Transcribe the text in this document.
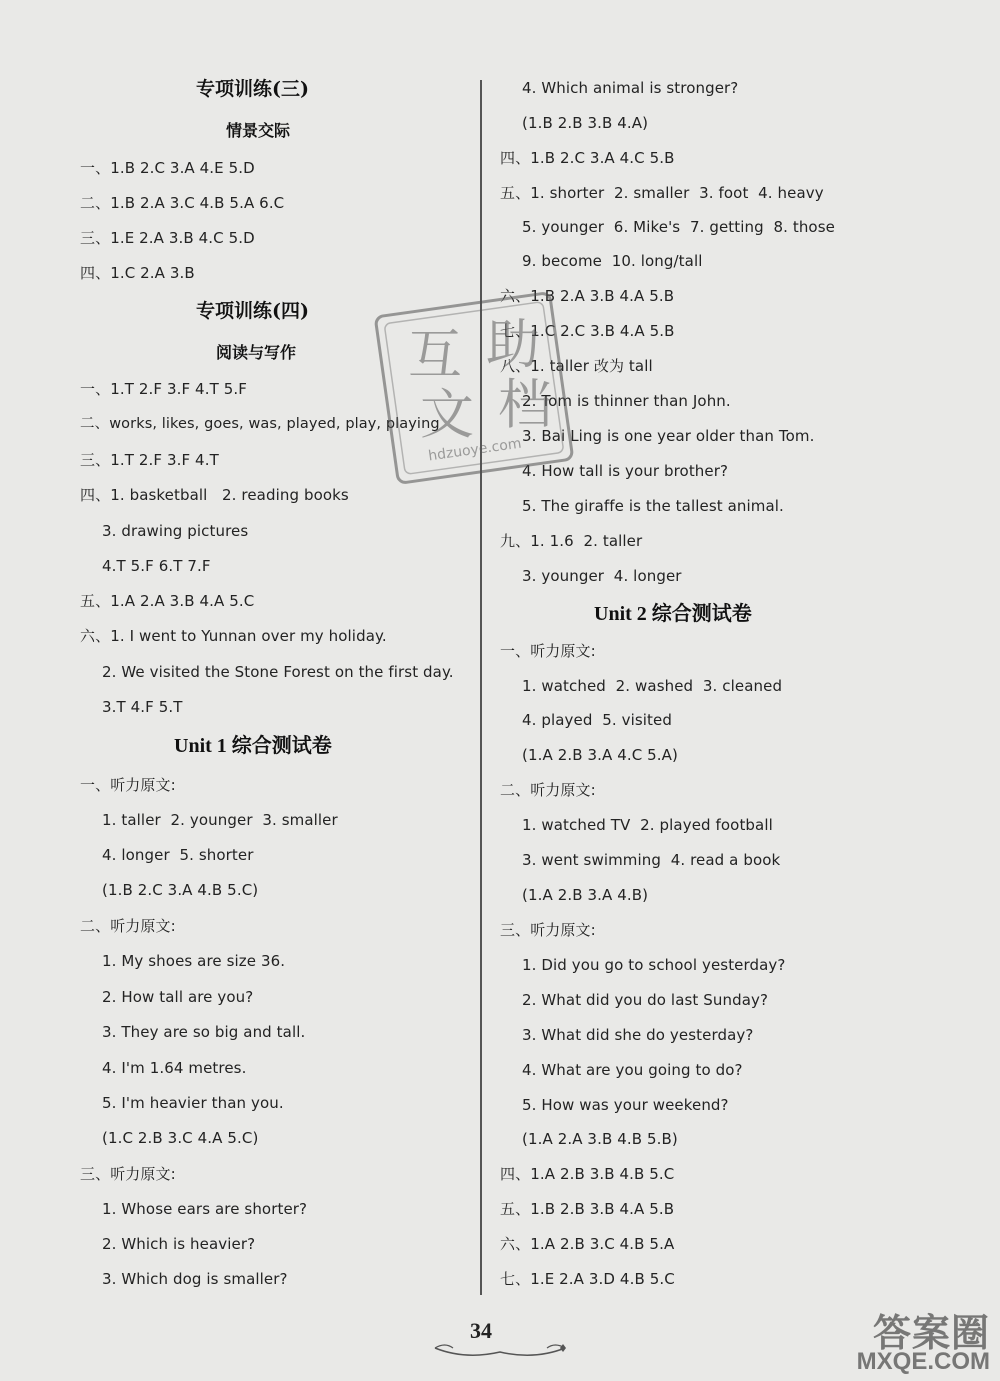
专项训练(三)
情景交际
一、1.B 2.C 3.A 4.E 5.D
二、1.B 2.A 3.C 4.B 5.A 6.C
三、1.E 2.A 3.B 4.C 5.D
四、1.C 2.A 3.B
专项训练(四)
阅读与写作
一、1.T 2.F 3.F 4.T 5.F
二、works, likes, goes, was, played, play, playing
三、1.T 2.F 3.F 4.T
四、1. basketball   2. reading books
3. drawing pictures
4.T 5.F 6.T 7.F
五、1.A 2.A 3.B 4.A 5.C
六、1. I went to Yunnan over my holiday.
2. We visited the Stone Forest on the first day.
3.T 4.F 5.T
Unit 1 综合测试卷
一、听力原文:
1. taller  2. younger  3. smaller
4. longer  5. shorter
(1.B 2.C 3.A 4.B 5.C)
二、听力原文:
1. My shoes are size 36.
2. How tall are you?
3. They are so big and tall.
4. I'm 1.64 metres.
5. I'm heavier than you.
(1.C 2.B 3.C 4.A 5.C)
三、听力原文:
1. Whose ears are shorter?
2. Which is heavier?
3. Which dog is smaller?
4. Which animal is stronger?
(1.B 2.B 3.B 4.A)
四、1.B 2.C 3.A 4.C 5.B
五、1. shorter  2. smaller  3. foot  4. heavy
5. younger  6. Mike's  7. getting  8. those
9. become  10. long/tall
六、1.B 2.A 3.B 4.A 5.B
七、1.C 2.C 3.B 4.A 5.B
八、1. taller 改为 tall
2. Tom is thinner than John.
3. Bai Ling is one year older than Tom.
4. How tall is your brother?
5. The giraffe is the tallest animal.
九、1. 1.6  2. taller
3. younger  4. longer
Unit 2 综合测试卷
一、听力原文:
1. watched  2. washed  3. cleaned
4. played  5. visited
(1.A 2.B 3.A 4.C 5.A)
二、听力原文:
1. watched TV  2. played football
3. went swimming  4. read a book
(1.A 2.B 3.A 4.B)
三、听力原文:
1. Did you go to school yesterday?
2. What did you do last Sunday?
3. What did she do yesterday?
4. What are you going to do?
5. How was your weekend?
(1.A 2.A 3.B 4.B 5.B)
四、1.A 2.B 3.B 4.B 5.C
五、1.B 2.B 3.B 4.A 5.B
六、1.A 2.B 3.C 4.B 5.A
七、1.E 2.A 3.D 4.B 5.C
互 助
文 档
hdzuoye.com
34	答案圈
MXQE.COM
